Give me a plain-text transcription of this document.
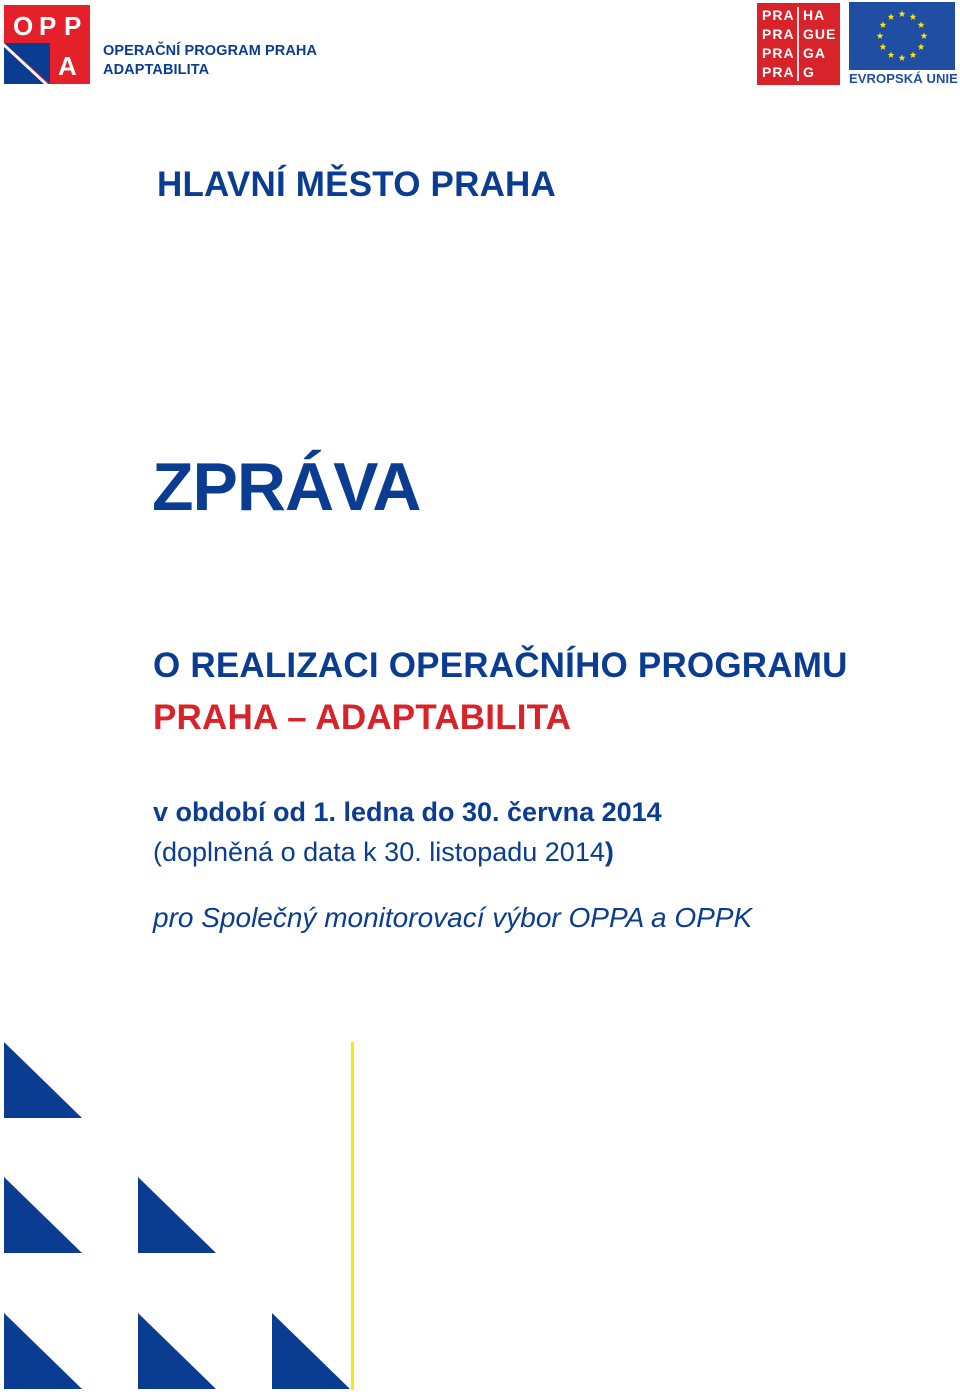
O P P
A OPERAČNÍ PROGRAM PRAHA
ADAPTABILITA
PRA HA
PRA GUE
PRA GA
PRA G	EVROPSKÁ UNIE
HLAVNÍ MĚSTO PRAHA
ZPRÁVA
O REALIZACI OPERAČNÍHO PROGRAMU
PRAHA – ADAPTABILITA
v období od 1. ledna do 30. června 2014
(doplněná o data k 30. listopadu 2014)
pro Společný monitorovací výbor OPPA a OPPK
